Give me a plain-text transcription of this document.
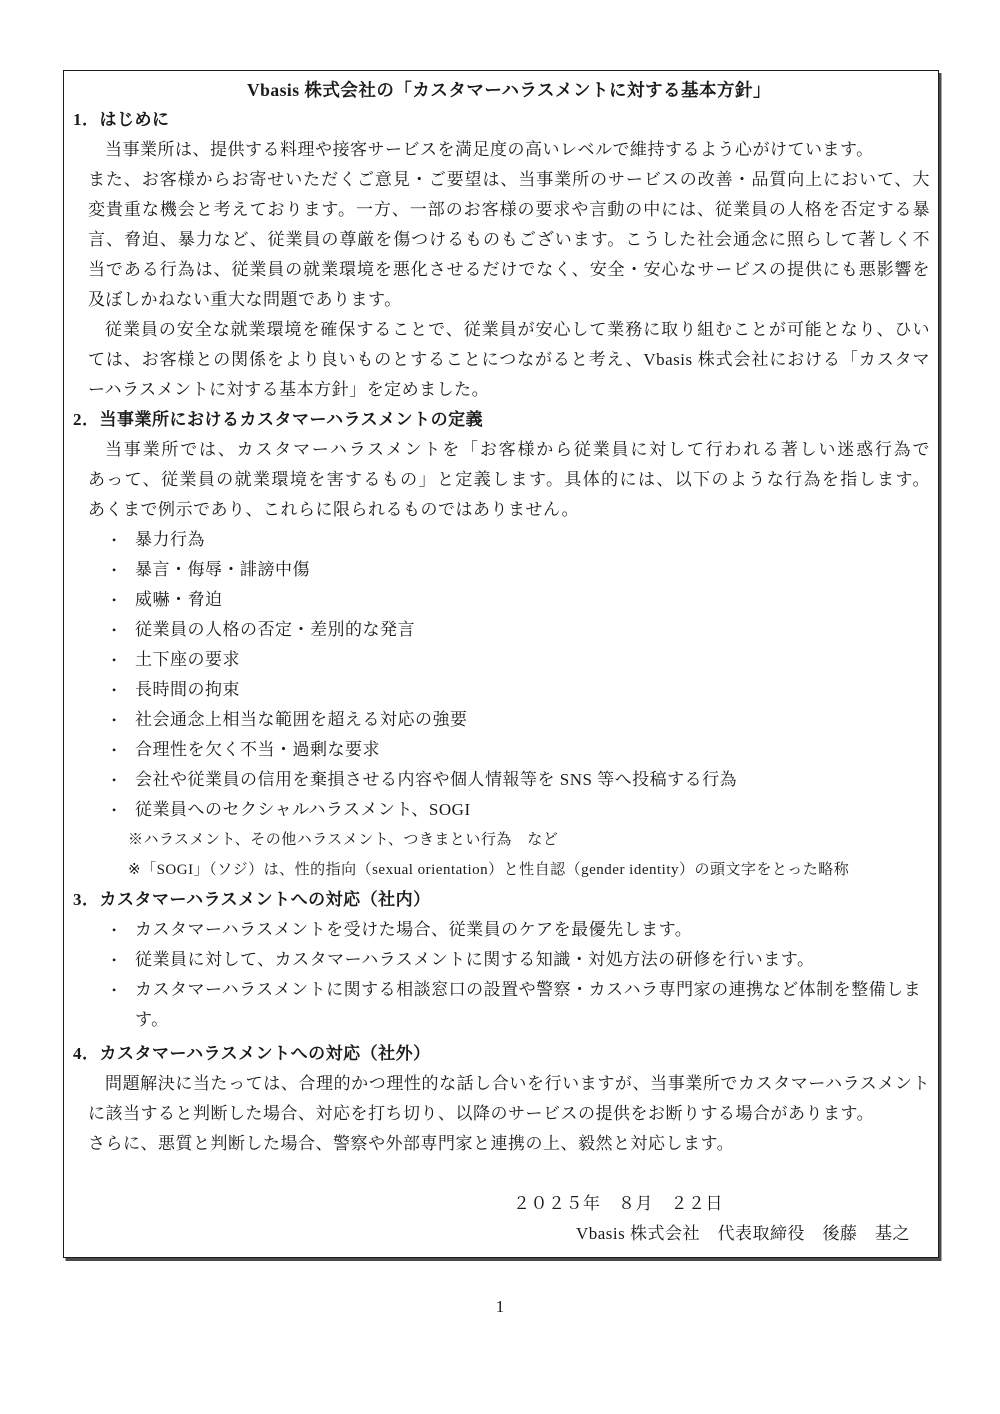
Vbasis 株式会社の「カスタマーハラスメントに対する基本方針」
1．はじめに
当事業所は、提供する料理や接客サービスを満足度の高いレベルで維持するよう心がけています。
また、お客様からお寄せいただくご意見・ご要望は、当事業所のサービスの改善・品質向上において、大
変貴重な機会と考えております。一方、一部のお客様の要求や言動の中には、従業員の人格を否定する暴
言、脅迫、暴力など、従業員の尊厳を傷つけるものもございます。こうした社会通念に照らして著しく不
当である行為は、従業員の就業環境を悪化させるだけでなく、安全・安心なサービスの提供にも悪影響を
及ぼしかねない重大な問題であります。
従業員の安全な就業環境を確保することで、従業員が安心して業務に取り組むことが可能となり、ひい
ては、お客様との関係をより良いものとすることにつながると考え、Vbasis 株式会社における「カスタマ
ーハラスメントに対する基本方針」を定めました。
2．当事業所におけるカスタマーハラスメントの定義
当事業所では、カスタマーハラスメントを「お客様から従業員に対して行われる著しい迷惑行為で
あって、従業員の就業環境を害するもの」と定義します。具体的には、以下のような行為を指します。
あくまで例示であり、これらに限られるものではありません。
•	暴力行為
•	暴言・侮辱・誹謗中傷
•	威嚇・脅迫
•	従業員の人格の否定・差別的な発言
•	土下座の要求
•	長時間の拘束
•	社会通念上相当な範囲を超える対応の強要
•	合理性を欠く不当・過剰な要求
•	会社や従業員の信用を棄損させる内容や個人情報等を SNS 等へ投稿する行為
•	従業員へのセクシャルハラスメント、SOGI
※ハラスメント、その他ハラスメント、つきまとい行為　など
※「SOGI」（ソジ）は、性的指向（sexual orientation）と性自認（gender identity）の頭文字をとった略称
3．カスタマーハラスメントへの対応（社内）
•	カスタマーハラスメントを受けた場合、従業員のケアを最優先します。
•	従業員に対して、カスタマーハラスメントに関する知識・対処方法の研修を行います。
•	カスタマーハラスメントに関する相談窓口の設置や警察・カスハラ専門家の連携など体制を整備します。
4．カスタマーハラスメントへの対応（社外）
問題解決に当たっては、合理的かつ理性的な話し合いを行いますが、当事業所でカスタマーハラスメント
に該当すると判断した場合、対応を打ち切り、以降のサービスの提供をお断りする場合があります。
さらに、悪質と判断した場合、警察や外部専門家と連携の上、毅然と対応します。
２０２５年　８月　２２日
Vbasis 株式会社　代表取締役　後藤　基之
1
